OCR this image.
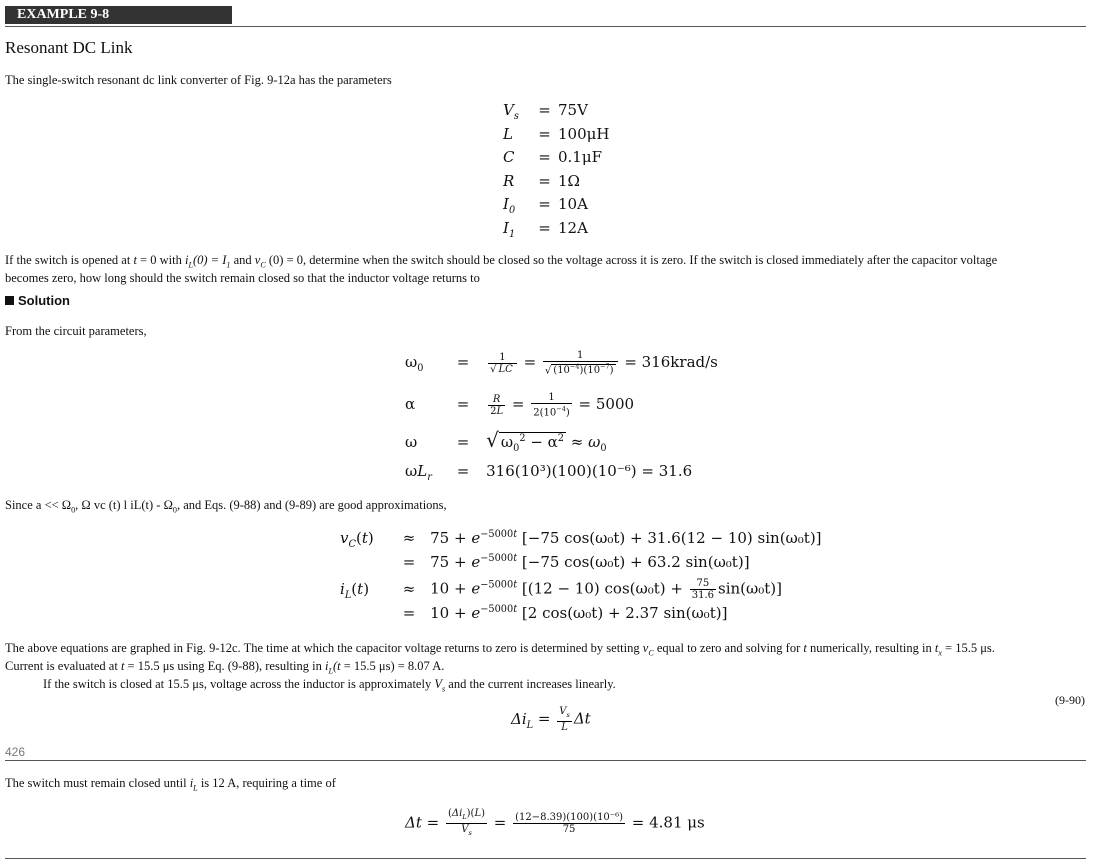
EXAMPLE 9-8
Resonant DC Link

The single-switch resonant dc link converter of Fig. 9-12a has the parameters

$V_s = 75V$
L = 100μH
C = 0.1μF
R = 1Ω
$I_0 = 10A$
$I_1 = 12A$

If the switch is opened at t = 0 with $i_L(0) = I_1$ and $v_C$ (0) = 0, determine when the switch should be closed so the voltage across it is zero. If the switch is closed immediately after the capacitor voltage

becomes zero, how long should the switch remain closed so that the inductor voltage returns to

Solution

From the circuit parameters,

$\omega_0 = \frac{1}{√ LC} = \frac{1}{√ (10^{-4})(10^{-7})}$ = 316krad/s
α	= $\frac{R}{2L} = \frac{1}{2(10^{-4})} = 5000$
ω	= √ $\omega_0^2 - \alpha^2 \approx \omega_0$
$\omega L_r = 316(10^3)(100)(10^{-6}) = 31.6$

Since $a << \Omega_0$, Ω vc (t) l $iL(t) - \Omega_0$, and Eqs. (9-88) and (9-89) are good approximations,

$v_C(t) \approx 75 + e^{-5000t}$ [−75 cos(ω₀t) + 31.6(12 − 10) sin(ω₀t)]
= $75 + e^{-5000t}$ [−75 cos(ω₀t) + 63.2 sin(ω₀t)]
$i_L(t) \approx 10 + e^{-5000t}$ [(12 − 10) $\cos(\omega_0t) + \frac{75}{31.6} \sin(\omega_0t)$]
= $10 + e^{-5000t}$ [2 cos(ω₀t) + 2.37 sin(ω₀t)]

The above equations are graphed in Fig. 9-12c. The time at which the capacitor voltage returns to zero is determined by setting $v_C$ equal to zero and solving for t numerically, resulting in $t_x = 15.5$ μs.

Current is evaluated at t = 15.5 μs using Eq. (9-88), resulting in $i_L(t = 15.5$ μs) = 8.07 A.

If the switch is closed at 15.5 μs, voltage across the inductor is approximately $V_s$ and the current increases linearly.

(9-90)
$\Delta i_L = \frac{V_s}{L}$ Δt
426

The switch must remain closed until $i_L$ is 12 A, requiring a time of

$\Delta t = \frac{(\Delta i_L)(L)}{V_s} = \frac{\text{(12−8.39)(100)(10⁻⁶)}}{75} = 4.81$ μs
